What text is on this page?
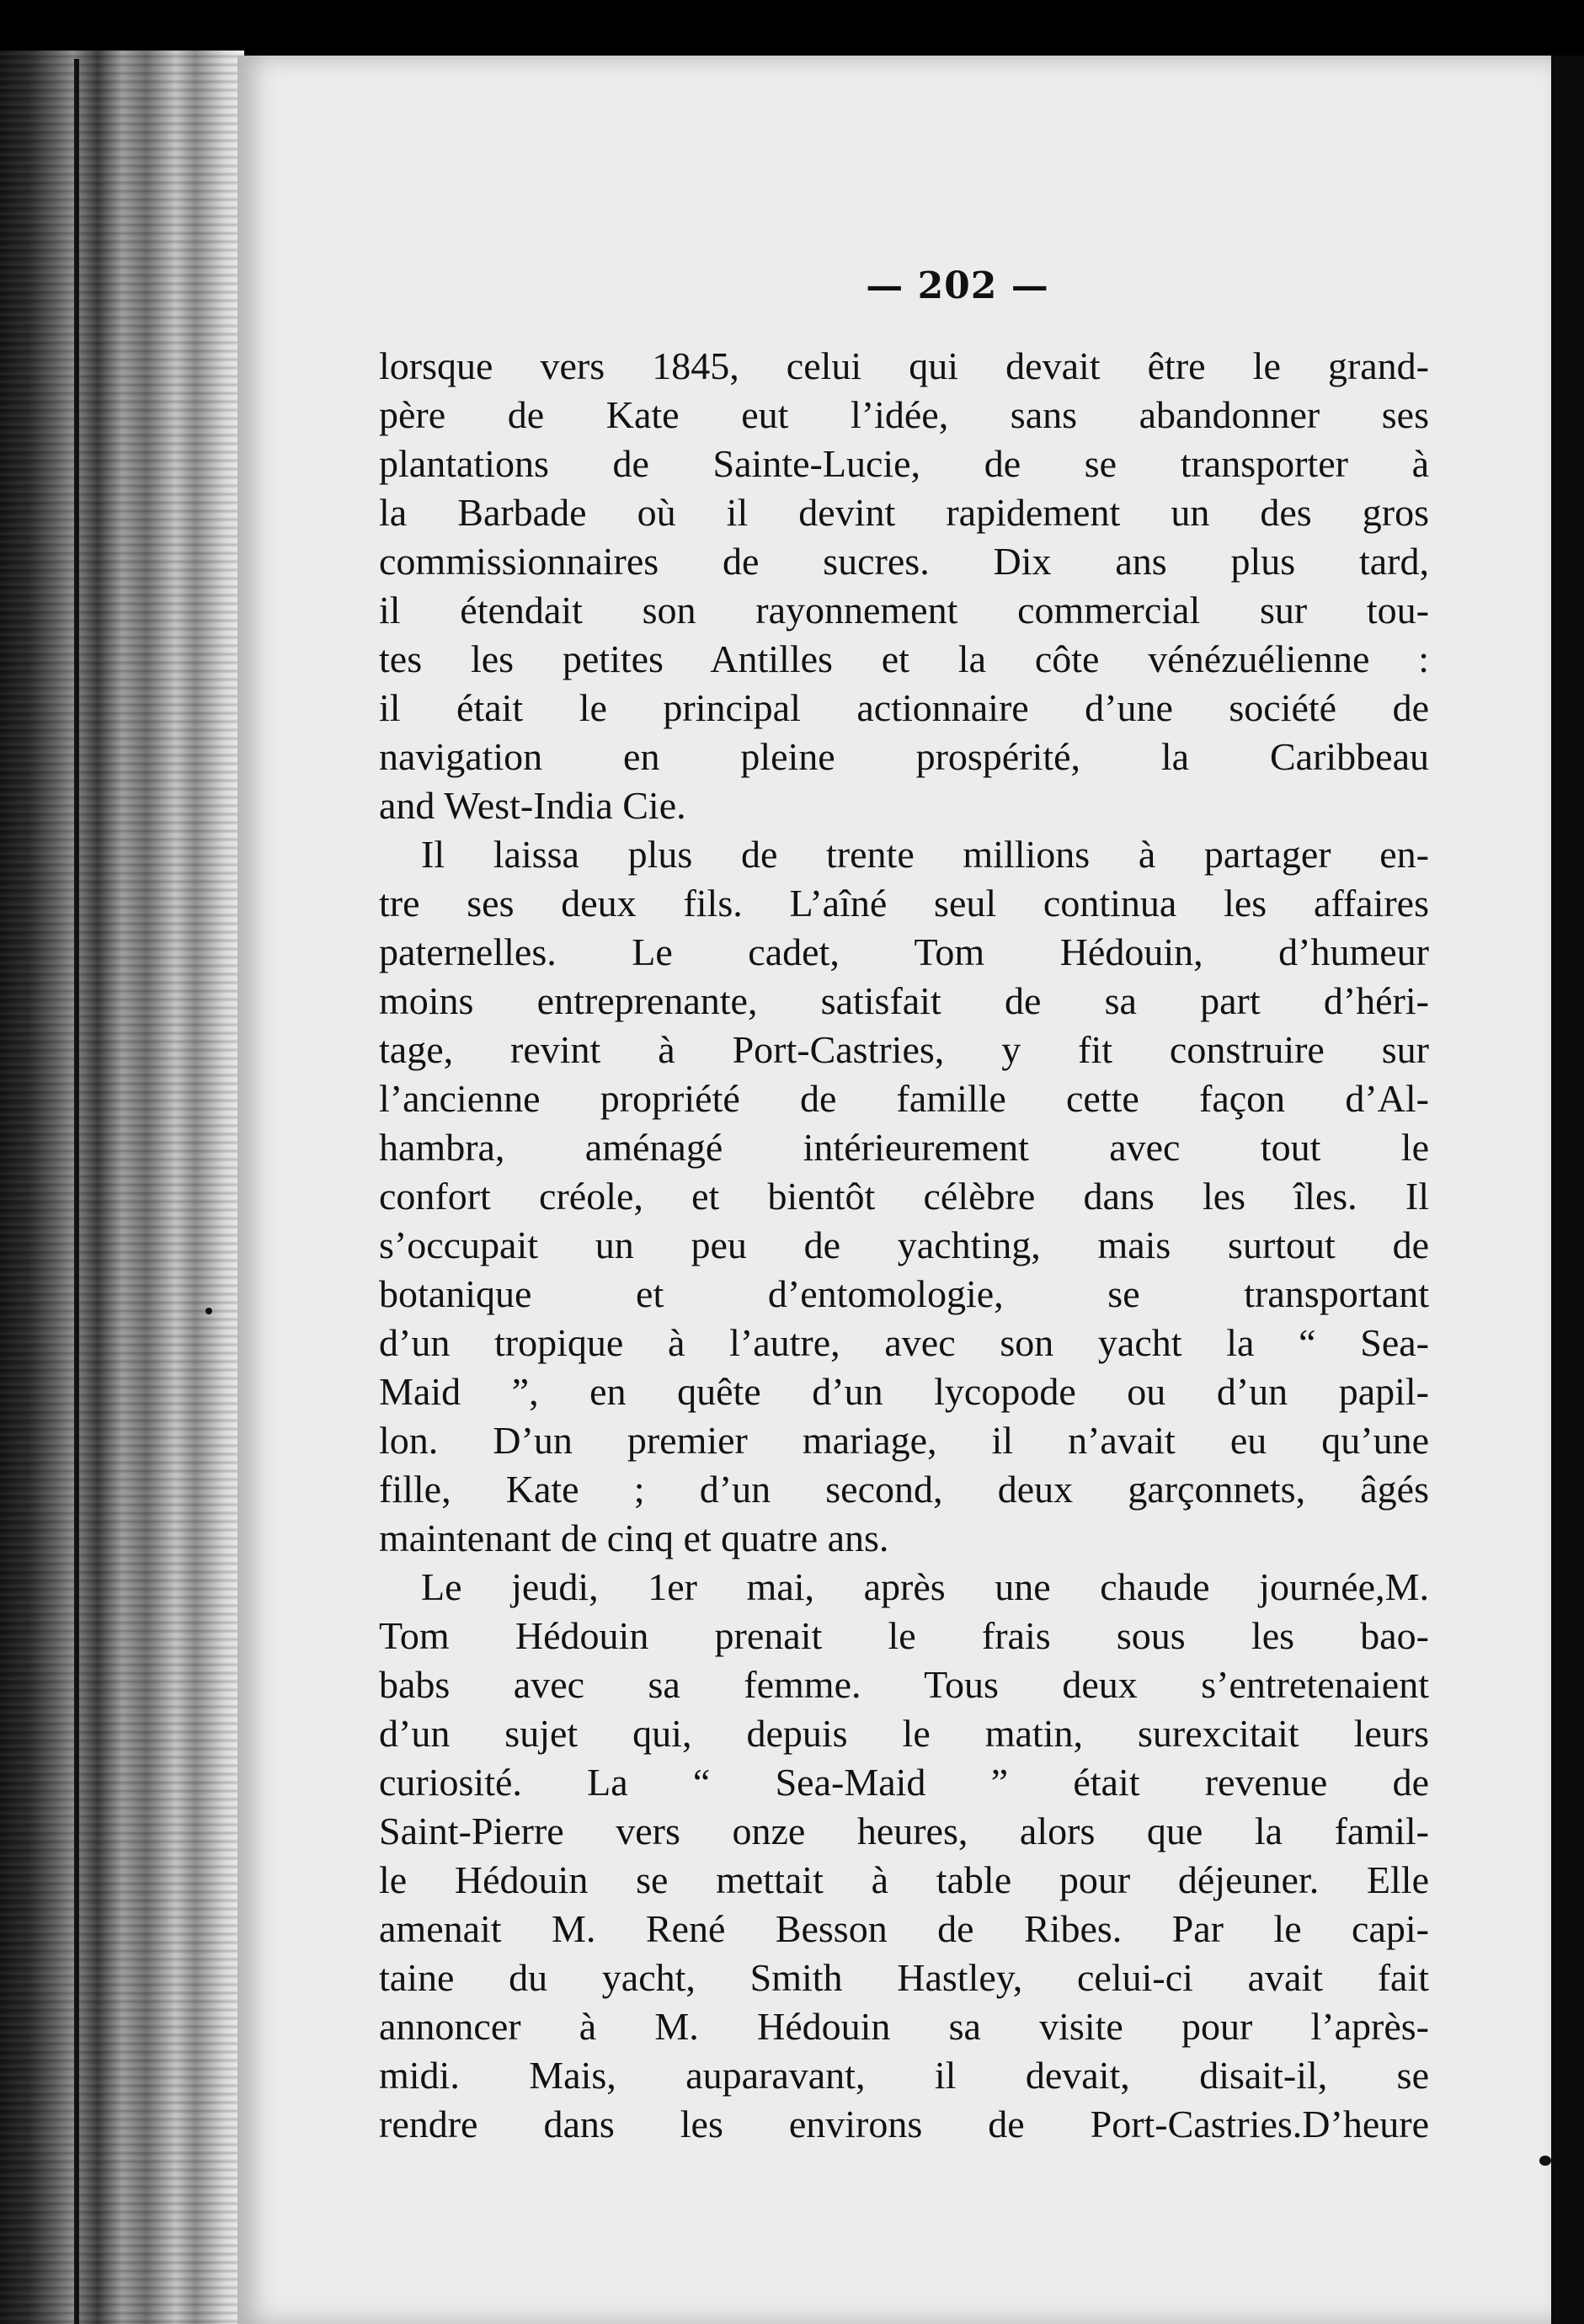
— 202 —
lorsque vers 1845, celui qui devait être le grand-
père de Kate eut l’idée, sans abandonner ses
plantations de Sainte-Lucie, de se transporter à
la Barbade où il devint rapidement un des gros
commissionnaires de sucres. Dix ans plus tard,
il étendait son rayonnement commercial sur tou-
tes les petites Antilles et la côte vénézuélienne :
il était le principal actionnaire d’une société de
navigation en pleine prospérité, la Caribbeau
and West-India Cie.
Il laissa plus de trente millions à partager en-
tre ses deux fils. L’aîné seul continua les affaires
paternelles. Le cadet, Tom Hédouin, d’humeur
moins entreprenante, satisfait de sa part d’héri-
tage, revint à Port-Castries, y fit construire sur
l’ancienne propriété de famille cette façon d’Al-
hambra, aménagé intérieurement avec tout le
confort créole, et bientôt célèbre dans les îles. Il
s’occupait un peu de yachting, mais surtout de
botanique et d’entomologie, se transportant
d’un tropique à l’autre, avec son yacht la “ Sea-
Maid ”, en quête d’un lycopode ou d’un papil-
lon. D’un premier mariage, il n’avait eu qu’une
fille, Kate ; d’un second, deux garçonnets, âgés
maintenant de cinq et quatre ans.
Le jeudi, 1er mai, après une chaude journée,M.
Tom Hédouin prenait le frais sous les bao-
babs avec sa femme. Tous deux s’entretenaient
d’un sujet qui, depuis le matin, surexcitait leurs
curiosité. La “ Sea-Maid ” était revenue de
Saint-Pierre vers onze heures, alors que la famil-
le Hédouin se mettait à table pour déjeuner. Elle
amenait M. René Besson de Ribes. Par le capi-
taine du yacht, Smith Hastley, celui-ci avait fait
annoncer à M. Hédouin sa visite pour l’après-
midi. Mais, auparavant, il devait, disait-il, se
rendre dans les environs de Port-Castries.D’heure
